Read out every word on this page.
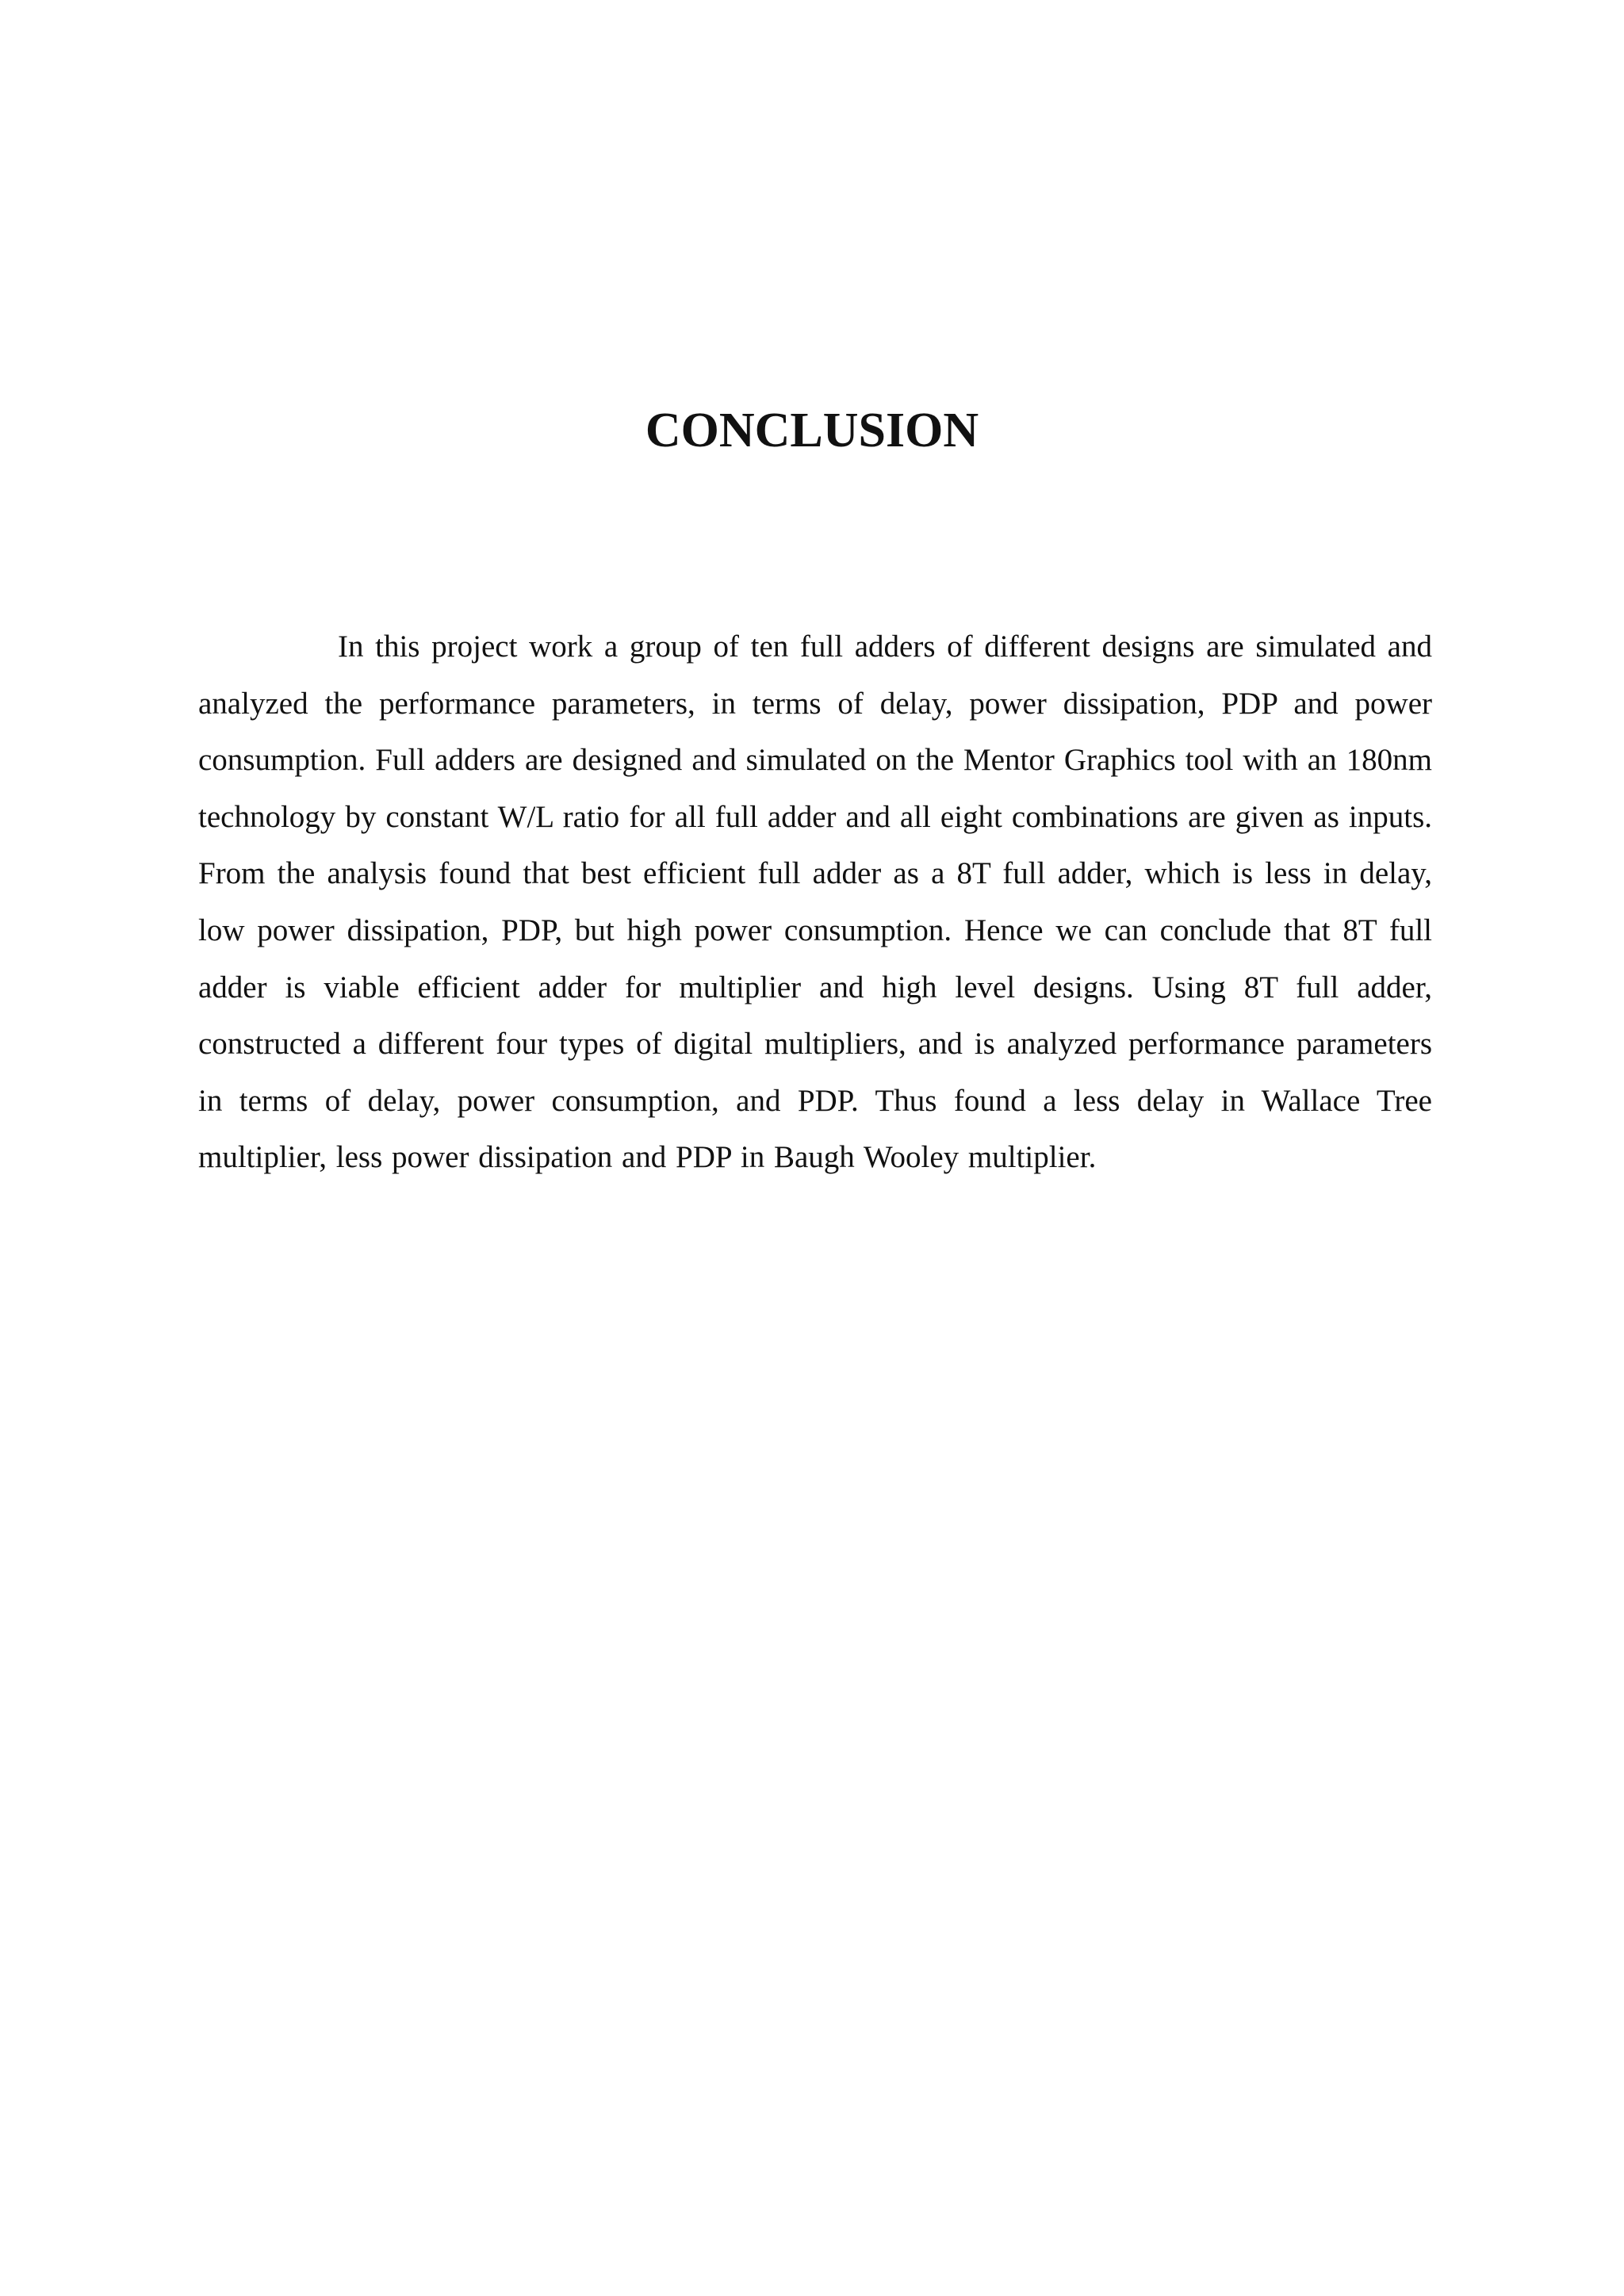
CONCLUSION

In this project work a group of ten full adders of different designs are simulated and analyzed the performance parameters, in terms of delay, power dissipation, PDP and power consumption. Full adders are designed and simulated on the Mentor Graphics tool with an 180nm technology by constant W/L ratio for all full adder and all eight combinations are given as inputs. From the analysis found that best efficient full adder as a 8T full adder, which is less in delay, low power dissipation, PDP, but high power consumption. Hence we can conclude that 8T full adder is viable efficient adder for multiplier and high level designs. Using 8T full adder, constructed a different four types of digital multipliers, and is analyzed performance parameters in terms of delay, power consumption, and PDP. Thus found a less delay in Wallace Tree multiplier, less power dissipation and PDP in Baugh Wooley multiplier.
